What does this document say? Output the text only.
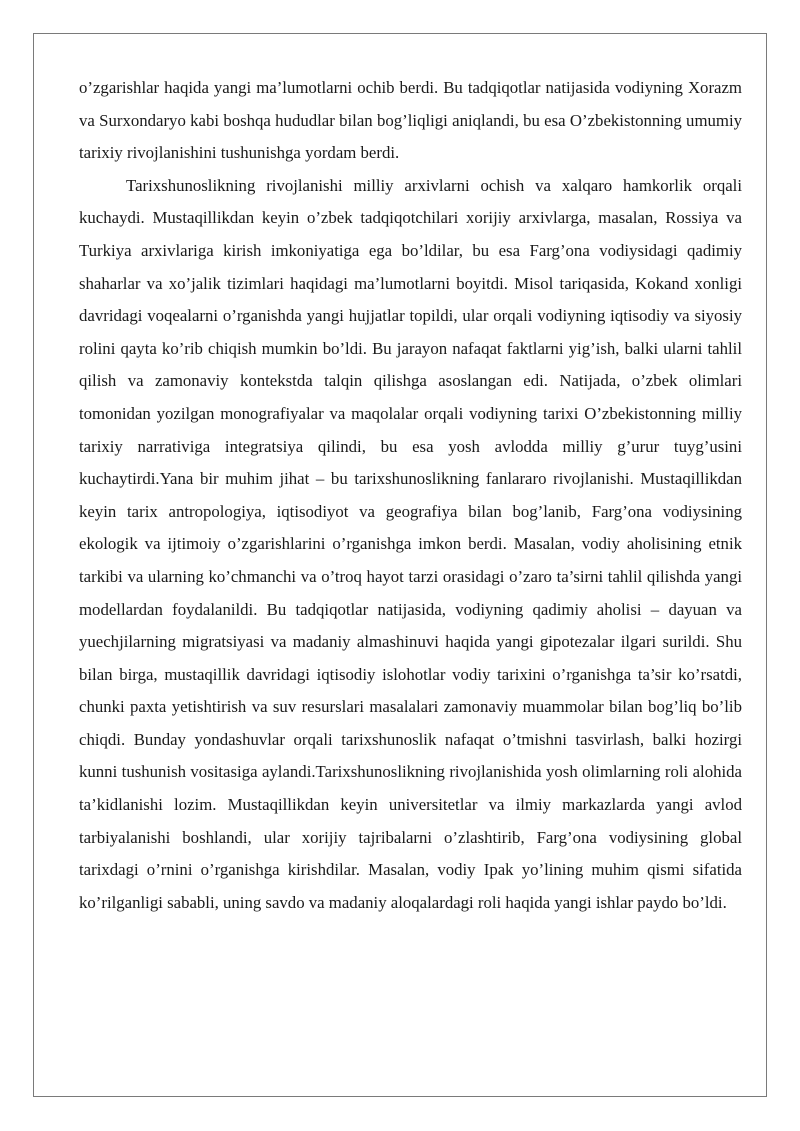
o’zgarishlar haqida yangi ma’lumotlarni ochib berdi. Bu tadqiqotlar natijasida vodiyning Xorazm va Surxondaryo kabi boshqa hududlar bilan bog’liqligi aniqlandi, bu esa O’zbekistonning umumiy tarixiy rivojlanishini tushunishga yordam berdi.

Tarixshunoslikning rivojlanishi milliy arxivlarni ochish va xalqaro hamkorlik orqali kuchaydi. Mustaqillikdan keyin o’zbek tadqiqotchilari xorijiy arxivlarga, masalan, Rossiya va Turkiya arxivlariga kirish imkoniyatiga ega bo’ldilar, bu esa Farg’ona vodiysidagi qadimiy shaharlar va xo’jalik tizimlari haqidagi ma’lumotlarni boyitdi. Misol tariqasida, Kokand xonligi davridagi voqealarni o’rganishda yangi hujjatlar topildi, ular orqali vodiyning iqtisodiy va siyosiy rolini qayta ko’rib chiqish mumkin bo’ldi. Bu jarayon nafaqat faktlarni yig’ish, balki ularni tahlil qilish va zamonaviy kontekstda talqin qilishga asoslangan edi. Natijada, o’zbek olimlari tomonidan yozilgan monografiyalar va maqolalar orqali vodiyning tarixi O’zbekistonning milliy tarixiy narrativiga integratsiya qilindi, bu esa yosh avlodda milliy g’urur tuyg’usini kuchaytirdi.Yana bir muhim jihat – bu tarixshunoslikning fanlararo rivojlanishi. Mustaqillikdan keyin tarix antropologiya, iqtisodiyot va geografiya bilan bog’lanib, Farg’ona vodiysining ekologik va ijtimoiy o’zgarishlarini o’rganishga imkon berdi. Masalan, vodiy aholisining etnik tarkibi va ularning ko’chmanchi va o’troq hayot tarzi orasidagi o’zaro ta’sirni tahlil qilishda yangi modellardan foydalanildi. Bu tadqiqotlar natijasida, vodiyning qadimiy aholisi – dayuan va yuechjilarning migratsiyasi va madaniy almashinuvi haqida yangi gipotezalar ilgari surildi. Shu bilan birga, mustaqillik davridagi iqtisodiy islohotlar vodiy tarixini o’rganishga ta’sir ko’rsatdi, chunki paxta yetishtirish va suv resurslari masalalari zamonaviy muammolar bilan bog’liq bo’lib chiqdi. Bunday yondashuvlar orqali tarixshunoslik nafaqat o’tmishni tasvirlash, balki hozirgi kunni tushunish vositasiga aylandi.Tarixshunoslikning rivojlanishida yosh olimlarning roli alohida ta’kidlanishi lozim. Mustaqillikdan keyin universitetlar va ilmiy markazlarda yangi avlod tarbiyalanishi boshlandi, ular xorijiy tajribalarni o’zlashtirib, Farg’ona vodiysining global tarixdagi o’rnini o’rganishga kirishdilar. Masalan, vodiy Ipak yo’lining muhim qismi sifatida ko’rilganligi sababli, uning savdo va madaniy aloqalardagi roli haqida yangi ishlar paydo bo’ldi.
